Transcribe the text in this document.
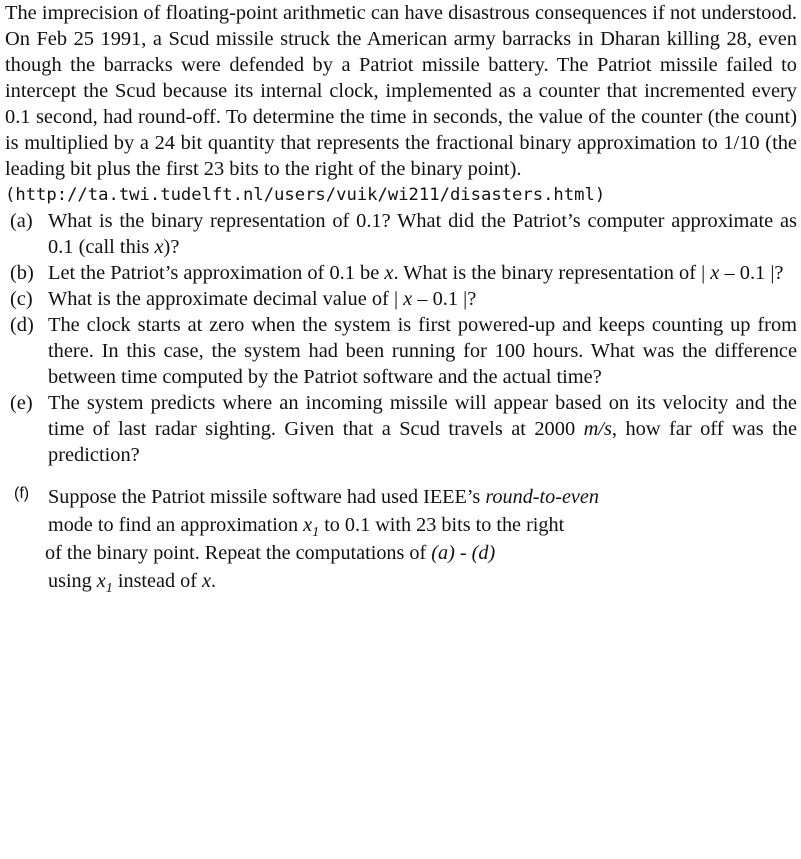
The imprecision of floating-point arithmetic can have disastrous consequences if not understood. On Feb 25 1991, a Scud missile struck the American army barracks in Dharan killing 28, even though the barracks were defended by a Patriot missile battery. The Patriot missile failed to intercept the Scud because its internal clock, implemented as a counter that incremented every 0.1 second, had round-off. To determine the time in seconds, the value of the counter (the count) is multiplied by a 24 bit quantity that represents the fractional binary approximation to 1/10 (the leading bit plus the first 23 bits to the right of the binary point).

(http://ta.twi.tudelft.nl/users/vuik/wi211/disasters.html)
(a) What is the binary representation of 0.1? What did the Patriot’s computer approximate as 0.1 (call this x)?
(b) Let the Patriot’s approximation of 0.1 be x. What is the binary representation of | x – 0.1 |?
(c) What is the approximate decimal value of | x – 0.1 |?
(d) The clock starts at zero when the system is first powered-up and keeps counting up from there. In this case, the system had been running for 100 hours. What was the difference between time computed by the Patriot software and the actual time?
(e) The system predicts where an incoming missile will appear based on its velocity and the time of last radar sighting. Given that a Scud travels at 2000 m/s, how far off was the prediction?
(f) Suppose the Patriot missile software had used IEEE’s round-to-even
mode to find an approximation $x_1$ to 0.1 with 23 bits to the right
of the binary point. Repeat the computations of (a) - (d)
using $x_1$ instead of x.
